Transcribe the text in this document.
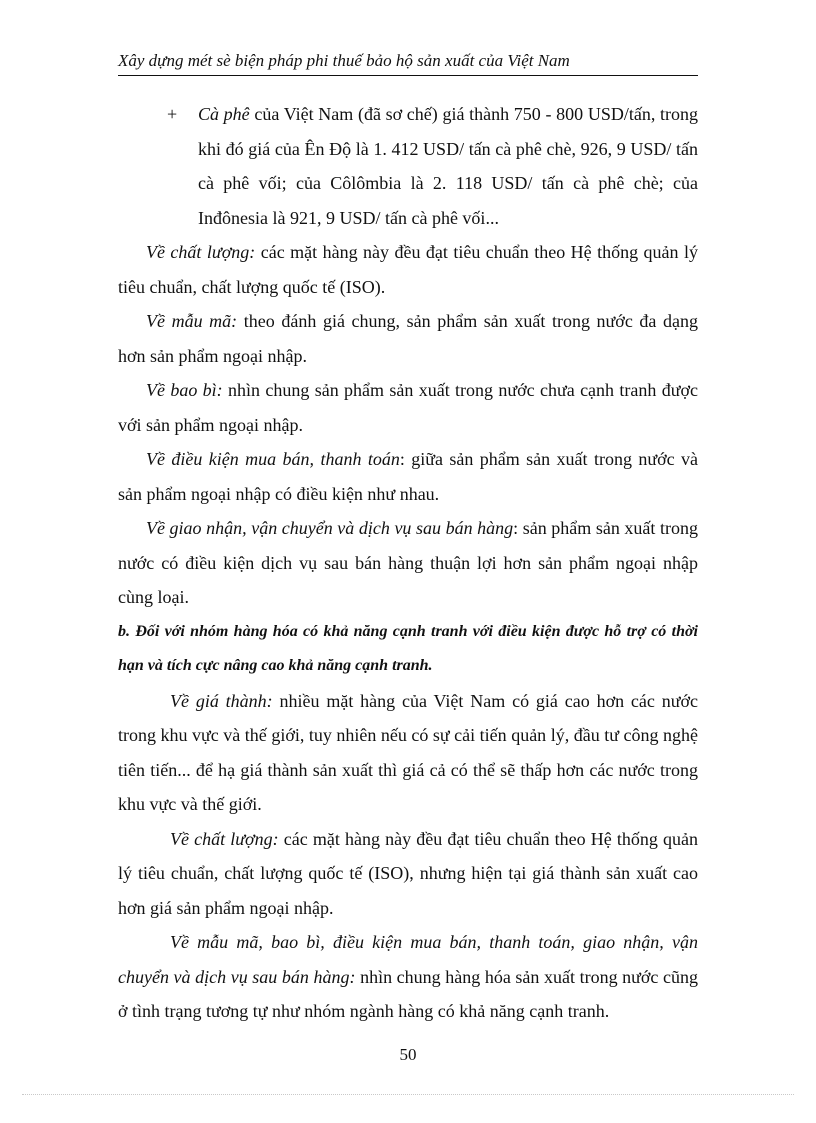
Xây dựng mét sè biện pháp phi thuế bảo hộ sản xuất của Việt Nam

+ Cà phê của Việt Nam (đã sơ chế) giá thành 750 - 800 USD/tấn, trong khi đó giá của Ên Độ là 1. 412 USD/ tấn cà phê chè, 926, 9 USD/ tấn cà phê vối; của Côlômbia là 2. 118 USD/ tấn cà phê chè; của Inđônesia là 921, 9 USD/ tấn cà phê vối...

Về chất lượng: các mặt hàng này đều đạt tiêu chuẩn theo Hệ thống quản lý tiêu chuẩn, chất lượng quốc tế (ISO).

Về mẫu mã: theo đánh giá chung, sản phẩm sản xuất trong nước đa dạng hơn sản phẩm ngoại nhập.

Về bao bì: nhìn chung sản phẩm sản xuất trong nước chưa cạnh tranh được với sản phẩm ngoại nhập.

Về điều kiện mua bán, thanh toán: giữa sản phẩm sản xuất trong nước và sản phẩm ngoại nhập có điều kiện như nhau.

Về giao nhận, vận chuyển và dịch vụ sau bán hàng: sản phẩm sản xuất trong nước có điều kiện dịch vụ sau bán hàng thuận lợi hơn sản phẩm ngoại nhập cùng loại.

b. Đối với nhóm hàng hóa có khả năng cạnh tranh với điều kiện được hỗ trợ có thời hạn và tích cực nâng cao khả năng cạnh tranh.

Về giá thành: nhiều mặt hàng của Việt Nam có giá cao hơn các nước trong khu vực và thế giới, tuy nhiên nếu có sự cải tiến quản lý, đầu tư công nghệ tiên tiến... để hạ giá thành sản xuất thì giá cả có thể sẽ thấp hơn các nước trong khu vực và thế giới.

Về chất lượng: các mặt hàng này đều đạt tiêu chuẩn theo Hệ thống quản lý tiêu chuẩn, chất lượng quốc tế (ISO), nhưng hiện tại giá thành sản xuất cao hơn giá sản phẩm ngoại nhập.

Về mẫu mã, bao bì, điều kiện mua bán, thanh toán, giao nhận, vận chuyển và dịch vụ sau bán hàng: nhìn chung hàng hóa sản xuất trong nước cũng ở tình trạng tương tự như nhóm ngành hàng có khả năng cạnh tranh.

50
